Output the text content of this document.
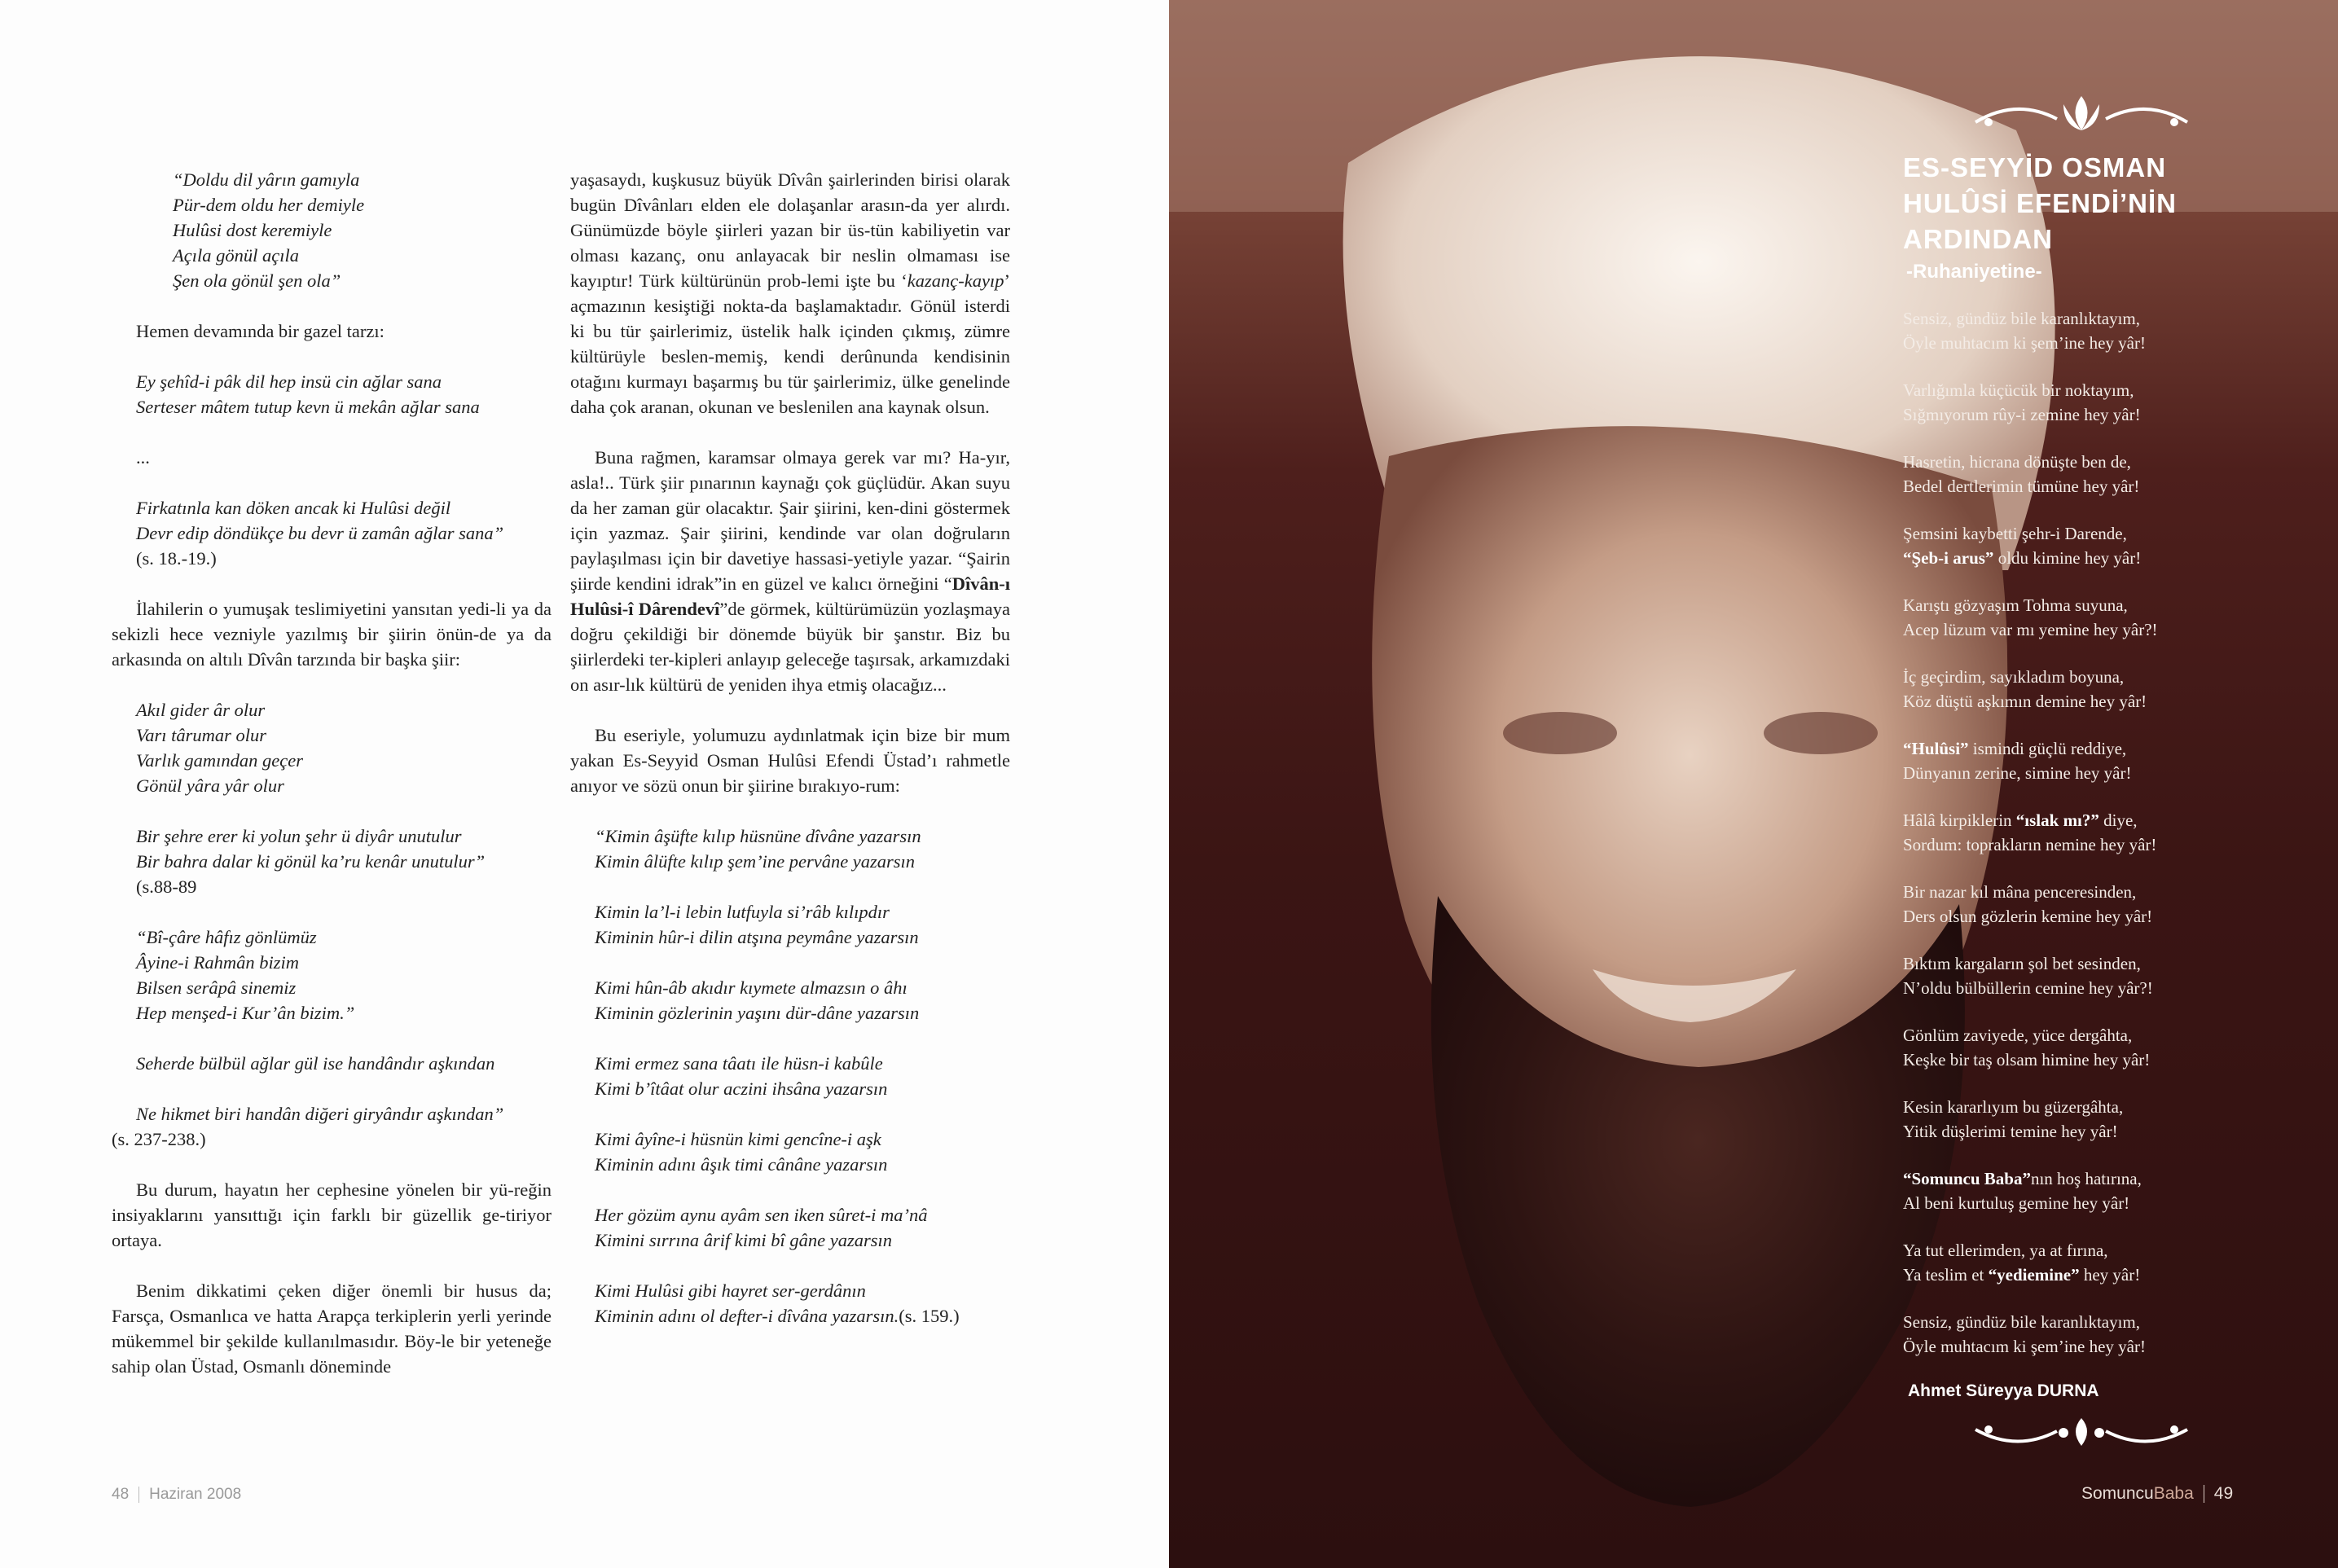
“Doldu dil yârın gamıyla

Pür-dem oldu her demiyle

Hulûsi dost keremiyle

Açıla gönül açıla

Şen ola gönül şen ola”

Hemen devamında bir gazel tarzı:

Ey şehîd-i pâk dil hep insü cin ağlar sana

Serteser mâtem tutup kevn ü mekân ağlar sana

...

Firkatınla kan döken ancak ki Hulûsi değil

Devr edip döndükçe bu devr ü zamân ağlar sana”

(s. 18.-19.)

İlahilerin o yumuşak teslimiyetini yansıtan yedi-li ya da sekizli hece vezniyle yazılmış bir şiirin önün-de ya da arkasında on altılı Dîvân tarzında bir başka şiir:

Akıl gider âr olur

Varı târumar olur

Varlık gamından geçer

Gönül yâra yâr olur

Bir şehre erer ki yolun şehr ü diyâr unutulur

Bir bahra dalar ki gönül ka’ru kenâr unutulur”

(s.88-89

“Bî-çâre hâfız gönlümüz

Âyine-i Rahmân bizim

Bilsen serâpâ sinemiz

Hep menşed-i Kur’ân bizim.”

Seherde bülbül ağlar gül ise handândır aşkından

Ne hikmet biri handân diğeri giryândır aşkından”

(s. 237-238.)

Bu durum, hayatın her cephesine yönelen bir yü-reğin insiyaklarını yansıttığı için farklı bir güzellik ge-tiriyor ortaya.

Benim dikkatimi çeken diğer önemli bir husus da; Farsça, Osmanlıca ve hatta Arapça terkiplerin yerli yerinde mükemmel bir şekilde kullanılmasıdır. Böy-le bir yeteneğe sahip olan Üstad, Osmanlı döneminde

yaşasaydı, kuşkusuz büyük Dîvân şairlerinden birisi olarak bugün Dîvânları elden ele dolaşanlar arasın-da yer alırdı. Günümüzde böyle şiirleri yazan bir üs-tün kabiliyetin var olması kazanç, onu anlayacak bir neslin olmaması ise kayıptır! Türk kültürünün prob-lemi işte bu ‘kazanç-kayıp’ açmazının kesiştiği nokta-da başlamaktadır. Gönül isterdi ki bu tür şairlerimiz, üstelik halk içinden çıkmış, zümre kültürüyle beslen-memiş, kendi derûnunda kendisinin otağını kurmayı başarmış bu tür şairlerimiz, ülke genelinde daha çok aranan, okunan ve beslenilen ana kaynak olsun.

Buna rağmen, karamsar olmaya gerek var mı? Ha-yır, asla!.. Türk şiir pınarının kaynağı çok güçlüdür. Akan suyu da her zaman gür olacaktır. Şair şiirini, ken-dini göstermek için yazmaz. Şair şiirini, kendinde var olan doğruların paylaşılması için bir davetiye hassasi-yetiyle yazar. “Şairin şiirde kendini idrak”in en güzel ve kalıcı örneğini “Dîvân-ı Hulûsi-î Dârendevî”de görmek, kültürümüzün yozlaşmaya doğru çekildiği bir dönemde büyük bir şanstır. Biz bu şiirlerdeki ter-kipleri anlayıp geleceğe taşırsak, arkamızdaki on asır-lık kültürü de yeniden ihya etmiş olacağız...

Bu eseriyle, yolumuzu aydınlatmak için bize bir mum yakan Es-Seyyid Osman Hulûsi Efendi Üstad’ı rahmetle anıyor ve sözü onun bir şiirine bırakıyo-rum:

“Kimin âşüfte kılıp hüsnüne dîvâne yazarsın

Kimin âlüfte kılıp şem’ine pervâne yazarsın

Kimin la’l-i lebin lutfuyla si’râb kılıpdır

Kiminin hûr-i dilin atşına peymâne yazarsın

Kimi hûn-âb akıdır kıymete almazsın o âhı

Kiminin gözlerinin yaşını dür-dâne yazarsın

Kimi ermez sana tâatı ile hüsn-i kabûle

Kimi b’îtâat olur aczini ihsâna yazarsın

Kimi âyîne-i hüsnün kimi gencîne-i aşk

Kiminin adını âşık timi cânâne yazarsın

Her gözüm aynu ayâm sen iken sûret-i ma’nâ

Kimini sırrına ârif kimi bî gâne yazarsın

Kimi Hulûsi gibi hayret ser-gerdânın

Kiminin adını ol defter-i dîvâna yazarsın.(s. 159.)

48 Haziran 2008
ES-SEYYİD OSMAN
HULÛSİ EFENDİ’NİN
ARDINDAN
-Ruhaniyetine-
Sensiz, gündüz bile karanlıktayım,
Öyle muhtacım ki şem’ine hey yâr!
Varlığımla küçücük bir noktayım,
Sığmıyorum rûy-i zemine hey yâr!
Hasretin, hicrana dönüşte ben de,
Bedel dertlerimin tümüne hey yâr!
Şemsini kaybetti şehr-i Darende,
“Şeb-i arus” oldu kimine hey yâr!
Karıştı gözyaşım Tohma suyuna,
Acep lüzum var mı yemine hey yâr?!
İç geçirdim, sayıkladım boyuna,
Köz düştü aşkımın demine hey yâr!
“Hulûsi” ismindi güçlü reddiye,
Dünyanın zerine, simine hey yâr!
Hâlâ kirpiklerin “ıslak mı?” diye,
Sordum: toprakların nemine hey yâr!
Bir nazar kıl mâna penceresinden,
Ders olsun gözlerin kemine hey yâr!
Bıktım kargaların şol bet sesinden,
N’oldu bülbüllerin cemine hey yâr?!
Gönlüm zaviyede, yüce dergâhta,
Keşke bir taş olsam himine hey yâr!
Kesin kararlıyım bu güzergâhta,
Yitik düşlerimi temine hey yâr!
“Somuncu Baba”nın hoş hatırına,
Al beni kurtuluş gemine hey yâr!
Ya tut ellerimden, ya at fırına,
Ya teslim et “yediemine” hey yâr!
Sensiz, gündüz bile karanlıktayım,
Öyle muhtacım ki şem’ine hey yâr!
Ahmet Süreyya DURNA
SomuncuBaba 49
